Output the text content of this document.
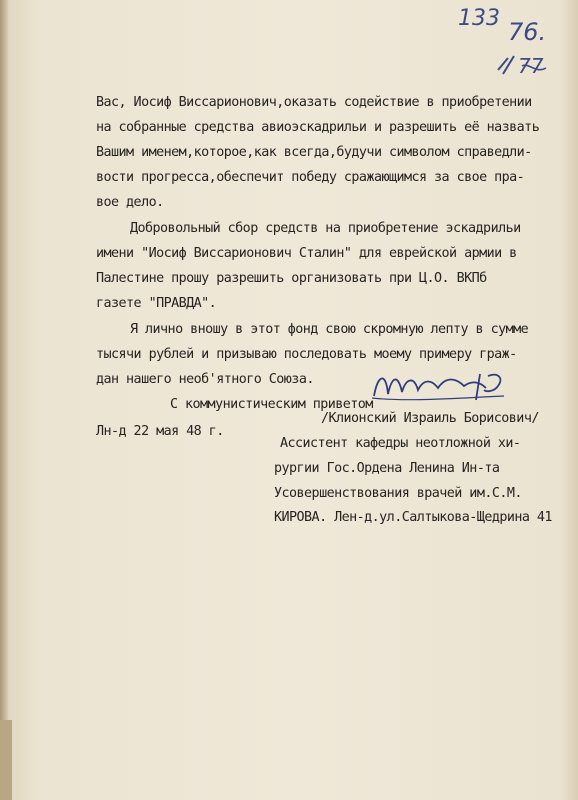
133 76.
77
Вас, Иосиф Виссарионович,оказать содействие в приобретении
на собранные средства авиоэскадрильи и разрешить её назвать
Вашим именем,которое,как всегда,будучи символом справедли-
вости прогресса,обеспечит победу сражающимся за свое пра-
вое дело.
Добровольный сбор средств на приобретение эскадрильи
имени "Иосиф Виссарионович Сталин" для еврейской армии в
Палестине прошу разрешить организовать при Ц.О. ВКПб
газете "ПРАВДА".
Я лично вношу в этот фонд свою скромную лепту в сумме
тысячи рублей и призываю последовать моему примеру граж-
дан нашего необ'ятного Союза.
С коммунистическим приветом
/Клионский Израиль Борисович/
Лн-д 22 мая 48 г.
Ассистент кафедры неотложной хи-
рургии Гос.Ордена Ленина Ин-та
Усовершенствования врачей им.С.М.
КИРОВА. Лен-д.ул.Салтыкова-Щедрина 41
